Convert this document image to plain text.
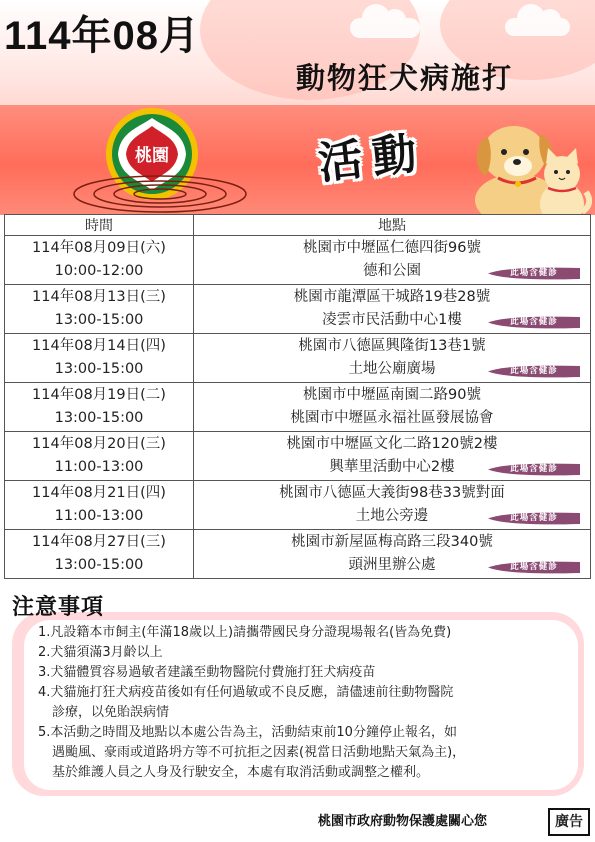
114年08月
動物狂犬病施打
活動
桃園
時間	地點

114年08月09日(六)
10:00-12:00	桃園市中壢區仁德四街96號
德和公園 此場含健診

114年08月13日(三)
13:00-15:00	桃園市龍潭區干城路19巷28號
凌雲市民活動中心1樓 此場含健診

114年08月14日(四)
13:00-15:00	桃園市八德區興隆街13巷1號
土地公廟廣場 此場含健診

114年08月19日(二)
13:00-15:00	桃園市中壢區南園二路90號
桃園市中壢區永福社區發展協會

114年08月20日(三)
11:00-13:00	桃園市中壢區文化二路120號2樓
興華里活動中心2樓 此場含健診

114年08月21日(四)
11:00-13:00	桃園市八德區大義街98巷33號對面
土地公旁邊 此場含健診

114年08月27日(三)
13:00-15:00	桃園市新屋區梅高路三段340號
頭洲里辦公處 此場含健診
注意事項
1.凡設籍本市飼主(年滿18歲以上)請攜帶國民身分證現場報名(皆為免費)
2.犬貓須滿3月齡以上
3.犬貓體質容易過敏者建議至動物醫院付費施打狂犬病疫苗
4.犬貓施打狂犬病疫苗後如有任何過敏或不良反應，請儘速前往動物醫院
診療，以免貽誤病情
5.本活動之時間及地點以本處公告為主，活動結束前10分鐘停止報名，如
遇颱風、豪雨或道路坍方等不可抗拒之因素(視當日活動地點天氣為主)，
基於維護人員之人身及行駛安全，本處有取消活動或調整之權利。
桃園市政府動物保護處關心您	廣告
